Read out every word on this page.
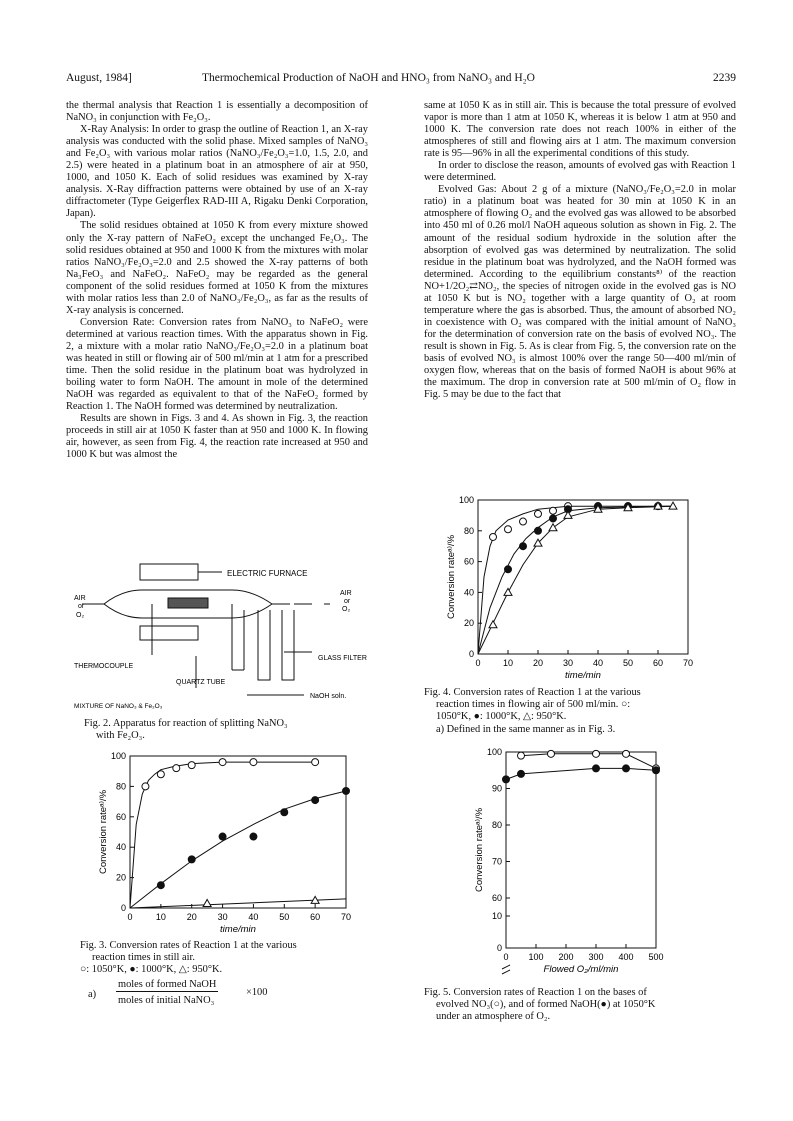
August, 1984]	Thermochemical Production of NaOH and HNO₃ from NaNO₃ and H₂O	2239

the thermal analysis that Reaction 1 is essentially a decomposition of NaNO₃ in conjunction with Fe₂O₃.

X-Ray Analysis: In order to grasp the outline of Reaction 1, an X-ray analysis was conducted with the solid phase. Mixed samples of NaNO₃ and Fe₂O₃ with various molar ratios (NaNO₃/Fe₂O₃=1.0, 1.5, 2.0, and 2.5) were heated in a platinum boat in an atmosphere of air at 950, 1000, and 1050 K. Each of solid residues was examined by X-ray analysis. X-Ray diffraction patterns were obtained by use of an X-ray diffractometer (Type Geigerflex RAD-III A, Rigaku Denki Corporation, Japan).

The solid residues obtained at 1050 K from every mixture showed only the X-ray pattern of NaFeO₂ except the unchanged Fe₂O₃. The solid residues obtained at 950 and 1000 K from the mixtures with molar ratios NaNO₃/Fe₂O₃=2.0 and 2.5 showed the X-ray patterns of both Na₃FeO₃ and NaFeO₂. NaFeO₂ may be regarded as the general component of the solid residues formed at 1050 K from the mixtures with molar ratios less than 2.0 of NaNO₃/Fe₂O₃, as far as the results of X-ray analysis is concerned.

Conversion Rate: Conversion rates from NaNO₃ to NaFeO₂ were determined at various reaction times. With the apparatus shown in Fig. 2, a mixture with a molar ratio NaNO₃/Fe₂O₃=2.0 in a platinum boat was heated in still or flowing air of 500 ml/min at 1 atm for a prescribed time. Then the solid residue in the platinum boat was hydrolyzed in boiling water to form NaOH. The amount in mole of the determined NaOH was regarded as equivalent to that of the NaFeO₂ formed by Reaction 1. The NaOH formed was determined by neutralization.

Results are shown in Figs. 3 and 4. As shown in Fig. 3, the reaction proceeds in still air at 1050 K faster than at 950 and 1000 K. In flowing air, however, as seen from Fig. 4, the reaction rate increased at 950 and 1000 K but was almost the

same at 1050 K as in still air. This is because the total pressure of evolved vapor is more than 1 atm at 1050 K, whereas it is below 1 atm at 950 and 1000 K. The conversion rate does not reach 100% in either of the atmospheres of still and flowing airs at 1 atm. The maximum conversion rate is 95—96% in all the experimental conditions of this study.

In order to disclose the reason, amounts of evolved gas with Reaction 1 were determined.

Evolved Gas: About 2 g of a mixture (NaNO₃/Fe₂O₃=2.0 in molar ratio) in a platinum boat was heated for 30 min at 1050 K in an atmosphere of flowing O₂ and the evolved gas was allowed to be absorbed into 450 ml of 0.26 mol/l NaOH aqueous solution as shown in Fig. 2. The amount of the residual sodium hydroxide in the solution after the absorption of evolved gas was determined by neutralization. The solid residue in the platinum boat was hydrolyzed, and the NaOH formed was determined. According to the equilibrium constants⁸⁾ of the reaction NO+1/2O₂⇄NO₂, the species of nitrogen oxide in the evolved gas is NO at 1050 K but is NO₂ together with a large quantity of O₂ at room temperature where the gas is absorbed. Thus, the amount of absorbed NO₂ in coexistence with O₂ was compared with the initial amount of NaNO₃ for the determination of conversion rate on the basis of evolved NO₃. The result is shown in Fig. 5. As is clear from Fig. 5, the conversion rate on the basis of evolved NO₃ is almost 100% over the range 50—400 ml/min of oxygen flow, whereas that on the basis of formed NaOH is about 96% at the maximum. The drop in conversion rate at 500 ml/min of O₂ flow in Fig. 5 may be due to the fact that

ELECTRIC FURNACE
AIR
or
O₂
AIR
or
O₂
THERMOCOUPLE
GLASS FILTER
QUARTZ TUBE
NaOH soln.
MIXTURE OF NaNO₃ & Fe₂O₃
Fig. 2. Apparatus for reaction of splitting NaNO₃
with Fe₂O₃.
0	10 20 30 40 50 60 70
0
20
40
60
80
100
time/min
Conversion rateᵃ⁾/%
0 10 20 30 40 50 60 70
0
20
40
60
80
100
time/min
Conversion rateᵃ⁾/%
0 100 200 300 400 500
0
10
60
70
80
90
100
Flowed O₂/ml/min
Conversion rateᵃ⁾/%
Fig. 3. Conversion rates of Reaction 1 at the various
reaction times in still air.
○: 1050°K, ●: 1000°K, △: 950°K.
a)
moles of formed NaOH
moles of initial NaNO₃
×100
Fig. 4. Conversion rates of Reaction 1 at the various
reaction times in flowing air of 500 ml/min. ○:
1050°K, ●: 1000°K, △: 950°K.
a) Defined in the same manner as in Fig. 3.
Fig. 5. Conversion rates of Reaction 1 on the bases of
evolved NO₃(○), and of formed NaOH(●) at 1050°K
under an atmosphere of O₂.
